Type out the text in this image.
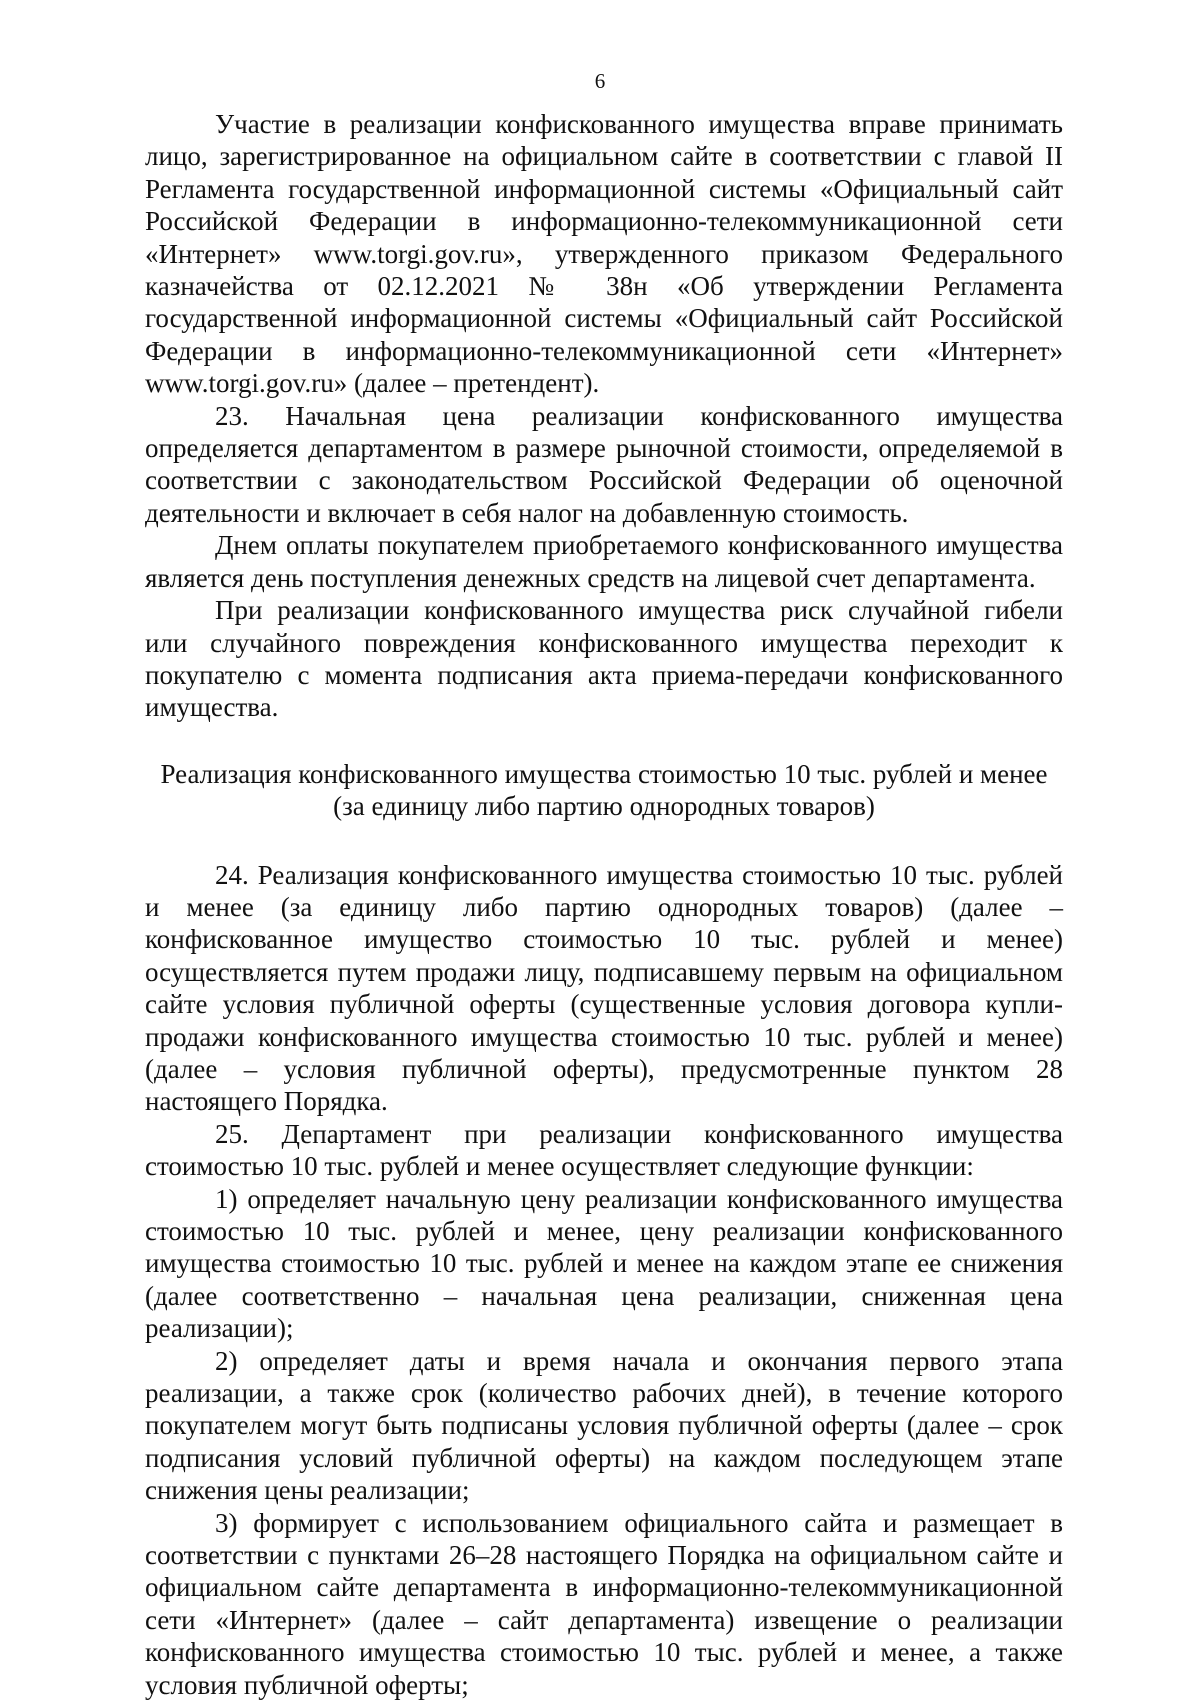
6

Участие в реализации конфискованного имущества вправе принимать лицо, зарегистрированное на официальном сайте в соответствии с главой II Регламента государственной информационной системы «Официальный сайт Российской Федерации в информационно-телекоммуникационной сети «Интернет» www.torgi.gov.ru», утвержденного приказом Федерального казначейства от 02.12.2021 № 38н «Об утверждении Регламента государственной информационной системы «Официальный сайт Российской Федерации в информационно-телекоммуникационной сети «Интернет» www.torgi.gov.ru» (далее – претендент).

23. Начальная цена реализации конфискованного имущества определяется департаментом в размере рыночной стоимости, определяемой в соответствии с законодательством Российской Федерации об оценочной деятельности и включает в себя налог на добавленную стоимость.

Днем оплаты покупателем приобретаемого конфискованного имущества является день поступления денежных средств на лицевой счет департамента.

При реализации конфискованного имущества риск случайной гибели или случайного повреждения конфискованного имущества переходит к покупателю с момента подписания акта приема-передачи конфискованного имущества.

Реализация конфискованного имущества стоимостью 10 тыс. рублей и менее
(за единицу либо партию однородных товаров)

24. Реализация конфискованного имущества стоимостью 10 тыс. рублей и менее (за единицу либо партию однородных товаров) (далее – конфискованное имущество стоимостью 10 тыс. рублей и менее) осуществляется путем продажи лицу, подписавшему первым на официальном сайте условия публичной оферты (существенные условия договора купли-продажи конфискованного имущества стоимостью 10 тыс. рублей и менее) (далее – условия публичной оферты), предусмотренные пунктом 28 настоящего Порядка.

25. Департамент при реализации конфискованного имущества стоимостью 10 тыс. рублей и менее осуществляет следующие функции:

1) определяет начальную цену реализации конфискованного имущества стоимостью 10 тыс. рублей и менее, цену реализации конфискованного имущества стоимостью 10 тыс. рублей и менее на каждом этапе ее снижения (далее соответственно – начальная цена реализации, сниженная цена реализации);

2) определяет даты и время начала и окончания первого этапа реализации, а также срок (количество рабочих дней), в течение которого покупателем могут быть подписаны условия публичной оферты (далее – срок подписания условий публичной оферты) на каждом последующем этапе снижения цены реализации;

3) формирует с использованием официального сайта и размещает в соответствии с пунктами 26–28 настоящего Порядка на официальном сайте и официальном сайте департамента в информационно-телекоммуникационной сети «Интернет» (далее – сайт департамента) извещение о реализации конфискованного имущества стоимостью 10 тыс. рублей и менее, а также условия публичной оферты;
